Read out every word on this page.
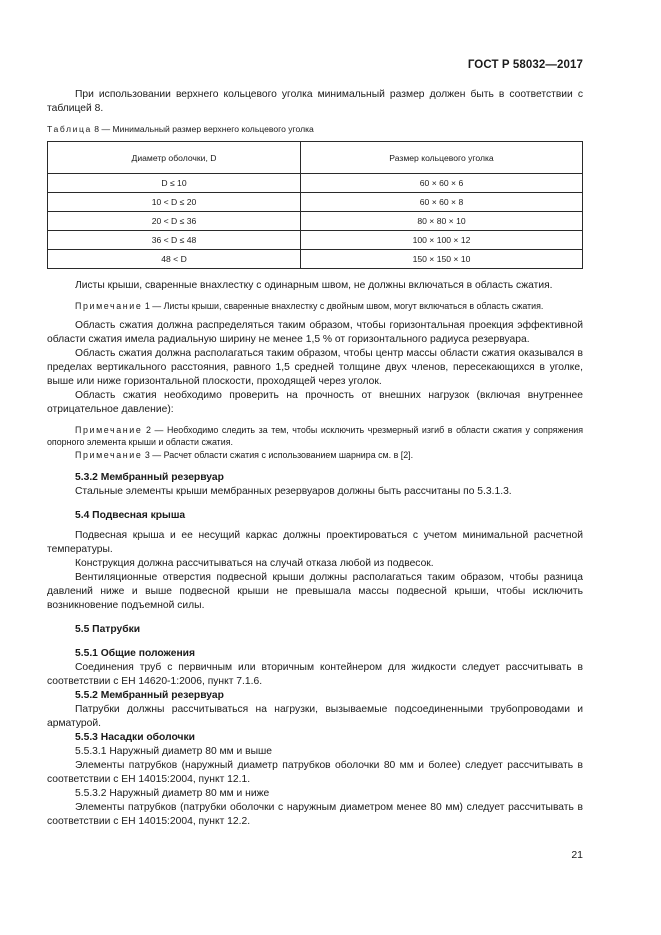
ГОСТ Р 58032—2017

При использовании верхнего кольцевого уголка минимальный размер должен быть в соответствии с таблицей 8.

Таблица 8 — Минимальный размер верхнего кольцевого уголка
Диаметр оболочки, D	Размер кольцевого уголка
D ≤ 10	60 × 60 × 6
10 < D ≤ 20	60 × 60 × 8
20 < D ≤ 36	80 × 80 × 10
36 < D ≤ 48	100 × 100 × 12
48 < D	150 × 150 × 10

Листы крыши, сваренные внахлестку с одинарным швом, не должны включаться в область сжатия.

Примечание 1 — Листы крыши, сваренные внахлестку с двойным швом, могут включаться в область сжатия.

Область сжатия должна распределяться таким образом, чтобы горизонтальная проекция эффективной области сжатия имела радиальную ширину не менее 1,5 % от горизонтального радиуса резервуара.

Область сжатия должна располагаться таким образом, чтобы центр массы области сжатия оказывался в пределах вертикального расстояния, равного 1,5 средней толщине двух членов, пересекающихся в уголке, выше или ниже горизонтальной плоскости, проходящей через уголок.

Область сжатия необходимо проверить на прочность от внешних нагрузок (включая внутреннее отрицательное давление):

Примечание 2 — Необходимо следить за тем, чтобы исключить чрезмерный изгиб в области сжатия у сопряжения опорного элемента крыши и области сжатия.

Примечание 3 — Расчет области сжатия с использованием шарнира см. в [2].

5.3.2 Мембранный резервуар

Стальные элементы крыши мембранных резервуаров должны быть рассчитаны по 5.3.1.3.

5.4 Подвесная крыша

Подвесная крыша и ее несущий каркас должны проектироваться с учетом минимальной расчетной температуры.

Конструкция должна рассчитываться на случай отказа любой из подвесок.

Вентиляционные отверстия подвесной крыши должны располагаться таким образом, чтобы разница давлений ниже и выше подвесной крыши не превышала массы подвесной крыши, чтобы исключить возникновение подъемной силы.

5.5 Патрубки

5.5.1 Общие положения

Соединения труб с первичным или вторичным контейнером для жидкости следует рассчитывать в соответствии с ЕН 14620-1:2006, пункт 7.1.6.

5.5.2 Мембранный резервуар

Патрубки должны рассчитываться на нагрузки, вызываемые подсоединенными трубопроводами и арматурой.

5.5.3 Насадки оболочки

5.5.3.1 Наружный диаметр 80 мм и выше

Элементы патрубков (наружный диаметр патрубков оболочки 80 мм и более) следует рассчитывать в соответствии с ЕН 14015:2004, пункт 12.1.

5.5.3.2 Наружный диаметр 80 мм и ниже

Элементы патрубков (патрубки оболочки с наружным диаметром менее 80 мм) следует рассчитывать в соответствии с ЕН 14015:2004, пункт 12.2.

21
